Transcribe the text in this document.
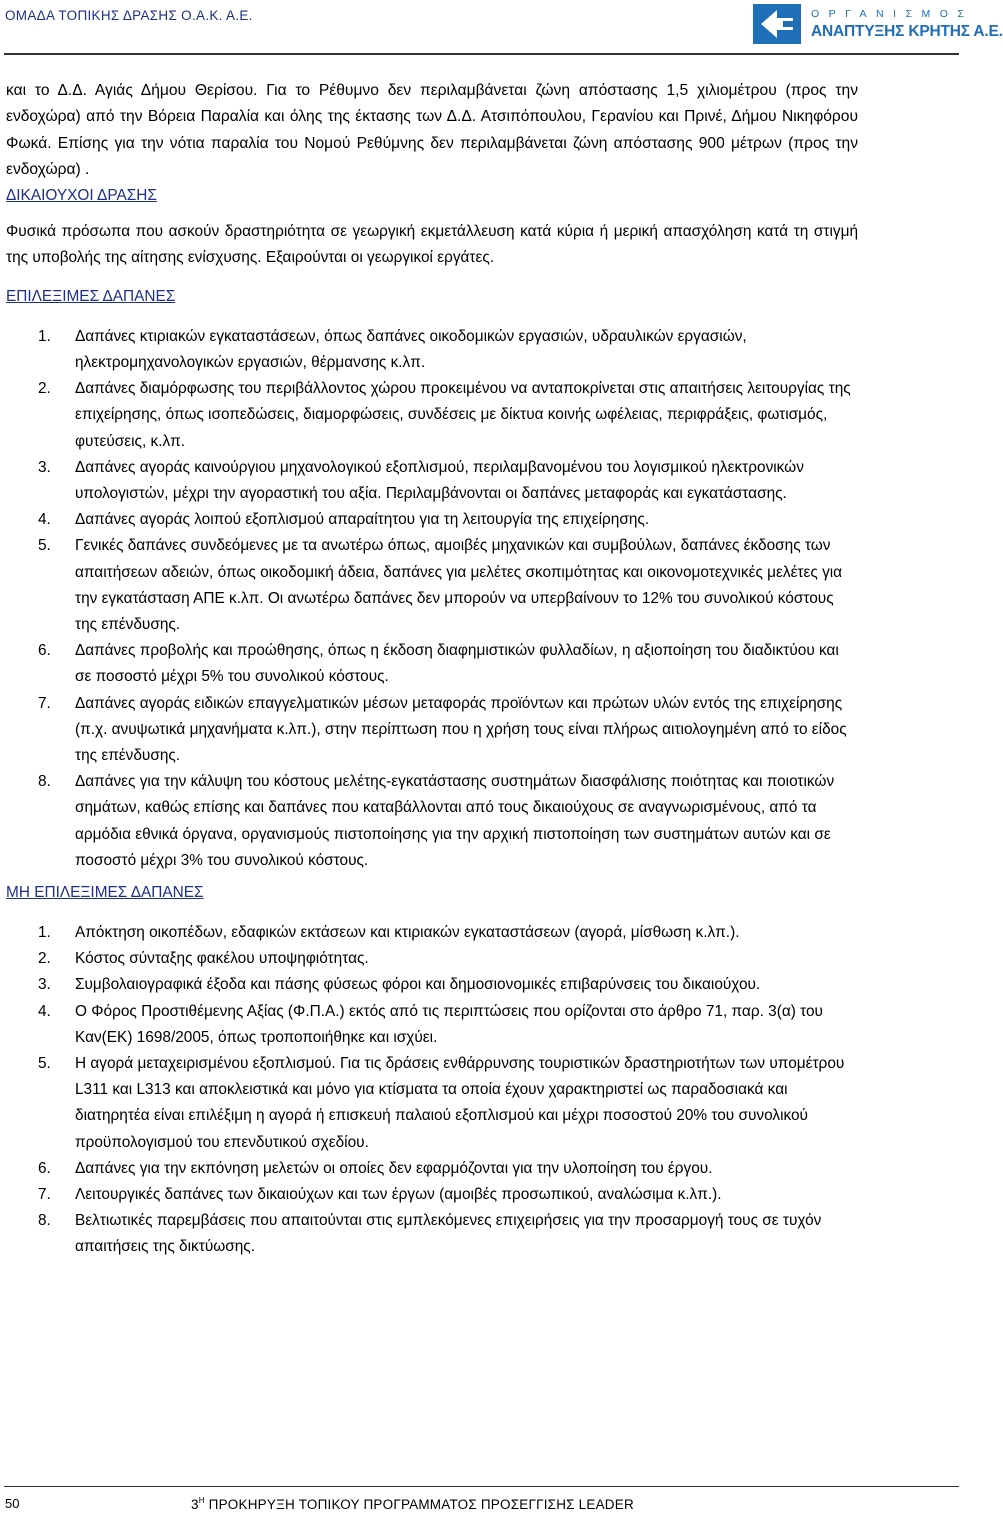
ΟΜΑΔΑ ΤΟΠΙΚΗΣ ΔΡΑΣΗΣ Ο.Α.Κ. Α.Ε.	ΟΡΓΑΝΙΣΜΟΣ
ΑΝΑΠΤΥΞΗΣ ΚΡΗΤΗΣ Α.Ε.

και το Δ.Δ. Αγιάς Δήμου Θερίσου. Για το Ρέθυμνο δεν περιλαμβάνεται ζώνη απόστασης 1,5 χιλιομέτρου (προς την ενδοχώρα) από την Βόρεια Παραλία και όλης της έκτασης των Δ.Δ. Ατσιπόπουλου, Γερανίου και Πρινέ, Δήμου Νικηφόρου Φωκά. Επίσης για την νότια παραλία του Νομού Ρεθύμνης δεν περιλαμβάνεται ζώνη απόστασης 900 μέτρων (προς την ενδοχώρα) .

ΔΙΚΑΙΟΥΧΟΙ ΔΡΑΣΗΣ

Φυσικά πρόσωπα που ασκούν δραστηριότητα σε γεωργική εκμετάλλευση κατά κύρια ή μερική απασχόληση κατά τη στιγμή της υποβολής της αίτησης ενίσχυσης. Εξαιρούνται οι γεωργικοί εργάτες.

ΕΠΙΛΕΞΙΜΕΣ ΔΑΠΑΝΕΣ
1. Δαπάνες κτιριακών εγκαταστάσεων, όπως δαπάνες οικοδομικών εργασιών, υδραυλικών εργασιών, ηλεκτρομηχανολογικών εργασιών, θέρμανσης κ.λπ.
2. Δαπάνες διαμόρφωσης του περιβάλλοντος χώρου προκειμένου να ανταποκρίνεται στις απαιτήσεις λειτουργίας της επιχείρησης, όπως ισοπεδώσεις, διαμορφώσεις, συνδέσεις με δίκτυα κοινής ωφέλειας, περιφράξεις, φωτισμός, φυτεύσεις, κ.λπ.
3. Δαπάνες αγοράς καινούργιου μηχανολογικού εξοπλισμού, περιλαμβανομένου του λογισμικού ηλεκτρονικών υπολογιστών, μέχρι την αγοραστική του αξία. Περιλαμβάνονται οι δαπάνες μεταφοράς και εγκατάστασης.
4. Δαπάνες αγοράς λοιπού εξοπλισμού απαραίτητου για τη λειτουργία της επιχείρησης.
5. Γενικές δαπάνες συνδεόμενες με τα ανωτέρω όπως, αμοιβές μηχανικών και συμβούλων, δαπάνες έκδοσης των απαιτήσεων αδειών, όπως οικοδομική άδεια, δαπάνες για μελέτες σκοπιμότητας και οικονομοτεχνικές μελέτες για την εγκατάσταση ΑΠΕ κ.λπ. Οι ανωτέρω δαπάνες δεν μπορούν να υπερβαίνουν το 12% του συνολικού κόστους της επένδυσης.
6. Δαπάνες προβολής και προώθησης, όπως η έκδοση διαφημιστικών φυλλαδίων, η αξιοποίηση του διαδικτύου και σε ποσοστό μέχρι 5% του συνολικού κόστους.
7. Δαπάνες αγοράς ειδικών επαγγελματικών μέσων μεταφοράς προϊόντων και πρώτων υλών εντός της επιχείρησης (π.χ. ανυψωτικά μηχανήματα κ.λπ.), στην περίπτωση που η χρήση τους είναι πλήρως αιτιολογημένη από το είδος της επένδυσης.
8. Δαπάνες για την κάλυψη του κόστους μελέτης-εγκατάστασης συστημάτων διασφάλισης ποιότητας και ποιοτικών σημάτων, καθώς επίσης και δαπάνες που καταβάλλονται από τους δικαιούχους σε αναγνωρισμένους, από τα αρμόδια εθνικά όργανα, οργανισμούς πιστοποίησης για την αρχική πιστοποίηση των συστημάτων αυτών και σε ποσοστό μέχρι 3% του συνολικού κόστους.
ΜΗ ΕΠΙΛΕΞΙΜΕΣ ΔΑΠΑΝΕΣ
1. Απόκτηση οικοπέδων, εδαφικών εκτάσεων και κτιριακών εγκαταστάσεων (αγορά, μίσθωση κ.λπ.).
2. Κόστος σύνταξης φακέλου υποψηφιότητας.
3. Συμβολαιογραφικά έξοδα και πάσης φύσεως φόροι και δημοσιονομικές επιβαρύνσεις του δικαιούχου.
4. Ο Φόρος Προστιθέμενης Αξίας (Φ.Π.Α.) εκτός από τις περιπτώσεις που ορίζονται στο άρθρο 71, παρ. 3(α) του Καν(ΕΚ) 1698/2005, όπως τροποποιήθηκε και ισχύει.
5. Η αγορά μεταχειρισμένου εξοπλισμού. Για τις δράσεις ενθάρρυνσης τουριστικών δραστηριοτήτων των υπομέτρου L311 και L313 και αποκλειστικά και μόνο για κτίσματα τα οποία έχουν χαρακτηριστεί ως παραδοσιακά και διατηρητέα είναι επιλέξιμη η αγορά ή επισκευή παλαιού εξοπλισμού και μέχρι ποσοστού 20% του συνολικού προϋπολογισμού του επενδυτικού σχεδίου.
6. Δαπάνες για την εκπόνηση μελετών οι οποίες δεν εφαρμόζονται για την υλοποίηση του έργου.
7. Λειτουργικές δαπάνες των δικαιούχων και των έργων (αμοιβές προσωπικού, αναλώσιμα κ.λπ.).
8. Βελτιωτικές παρεμβάσεις που απαιτούνται στις εμπλεκόμενες επιχειρήσεις για την προσαρμογή τους σε τυχόν απαιτήσεις της δικτύωσης.
50	$3^H$ ΠΡΟΚΗΡΥΞΗ ΤΟΠΙΚΟΥ ΠΡΟΓΡΑΜΜΑΤΟΣ ΠΡΟΣΕΓΓΙΣΗΣ LEADER
